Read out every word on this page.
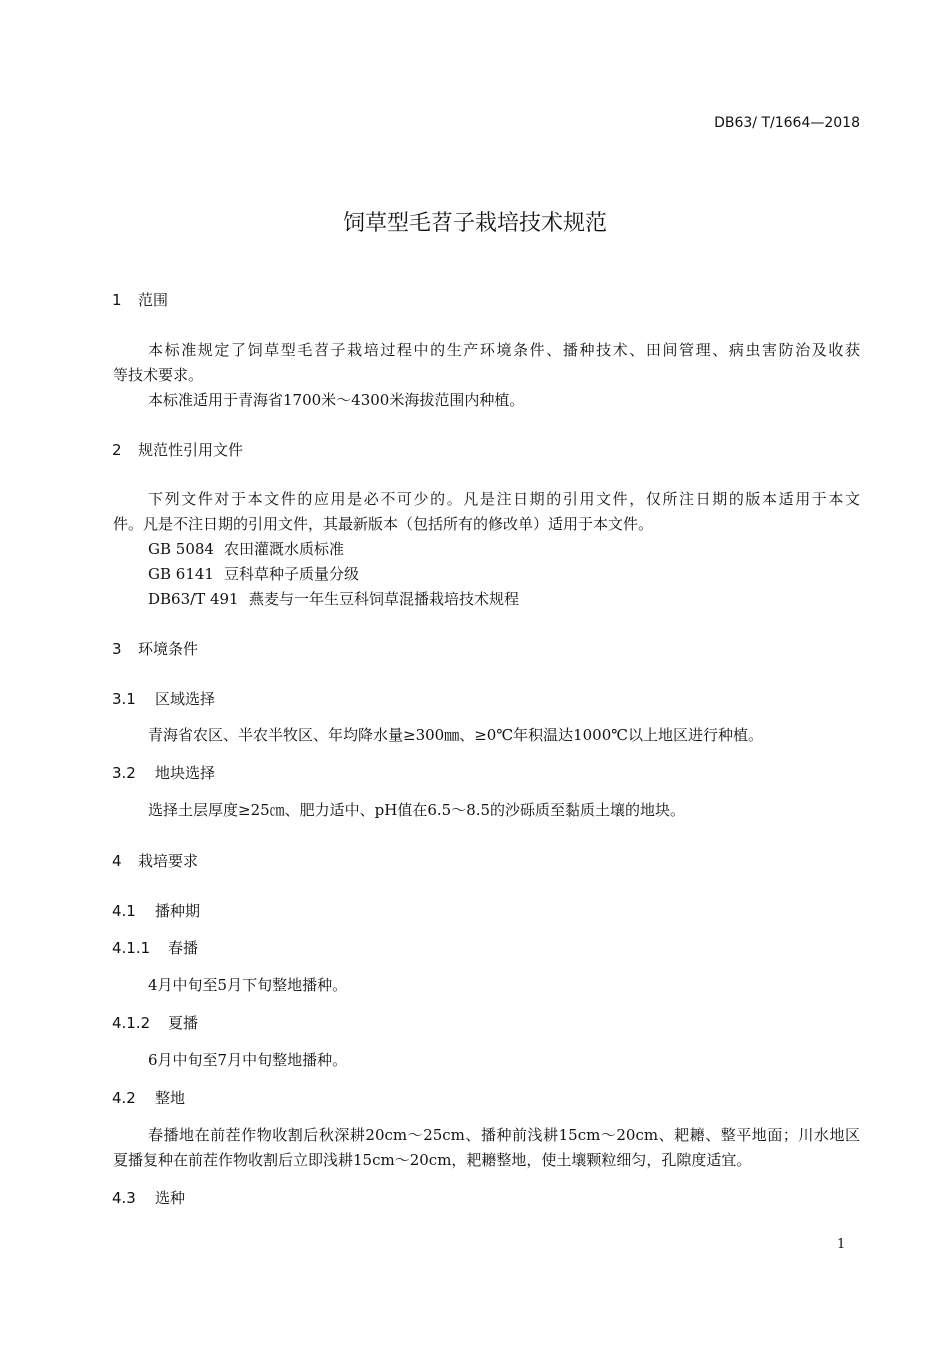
DB63/ T/1664—2018
饲草型毛苕子栽培技术规范
1 范围
本标准规定了饲草型毛苕子栽培过程中的生产环境条件、播种技术、田间管理、病虫害防治及收获
等技术要求。
本标准适用于青海省1700米～4300米海拔范围内种植。
2 规范性引用文件
下列文件对于本文件的应用是必不可少的。凡是注日期的引用文件，仅所注日期的版本适用于本文
件。凡是不注日期的引用文件，其最新版本（包括所有的修改单）适用于本文件。
GB 5084 农田灌溉水质标准
GB 6141 豆科草种子质量分级
DB63/T 491 燕麦与一年生豆科饲草混播栽培技术规程
3 环境条件
3.1 区域选择
青海省农区、半农半牧区、年均降水量≥300㎜、≥0℃年积温达1000℃以上地区进行种植。
3.2 地块选择
选择土层厚度≥25㎝、肥力适中、pH值在6.5～8.5的沙砾质至黏质土壤的地块。
4 栽培要求
4.1 播种期
4.1.1 春播
4月中旬至5月下旬整地播种。
4.1.2 夏播
6月中旬至7月中旬整地播种。
4.2 整地
春播地在前茬作物收割后秋深耕20cm～25cm、播种前浅耕15cm～20cm、耙耱、整平地面；川水地区
夏播复种在前茬作物收割后立即浅耕15cm～20cm，耙耱整地，使土壤颗粒细匀，孔隙度适宜。
4.3 选种
1
